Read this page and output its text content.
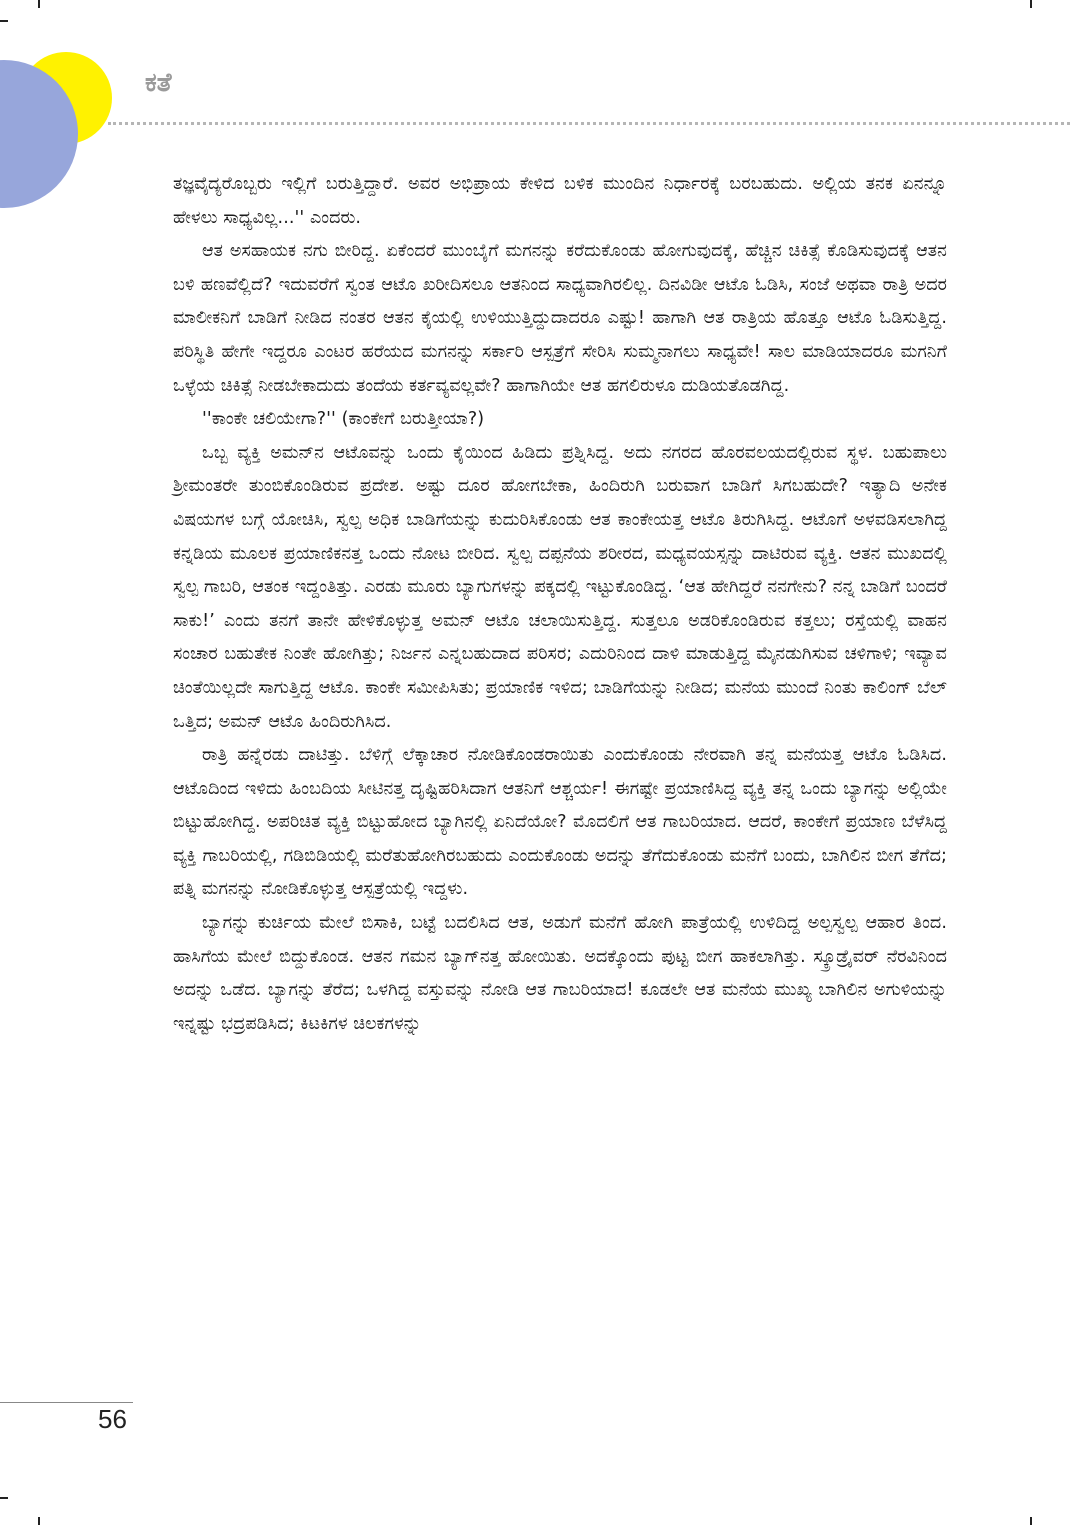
ಕತೆ

ತಜ್ಞವೈದ್ಯರೊಬ್ಬರು ಇಲ್ಲಿಗೆ ಬರುತ್ತಿದ್ದಾರೆ. ಅವರ ಅಭಿಪ್ರಾಯ ಕೇಳಿದ ಬಳಿಕ ಮುಂದಿನ ನಿರ್ಧಾರಕ್ಕೆ ಬರಬಹುದು. ಅಲ್ಲಿಯ ತನಕ ಏನನ್ನೂ ಹೇಳಲು ಸಾಧ್ಯವಿಲ್ಲ...'' ಎಂದರು.

ಆತ ಅಸಹಾಯಕ ನಗು ಬೀರಿದ್ದ. ಏಕೆಂದರೆ ಮುಂಬೈಗೆ ಮಗನನ್ನು ಕರೆದುಕೊಂಡು ಹೋಗುವುದಕ್ಕೆ, ಹೆಚ್ಚಿನ ಚಿಕಿತ್ಸೆ ಕೊಡಿಸುವುದಕ್ಕೆ ಆತನ ಬಳಿ ಹಣವೆಲ್ಲಿದೆ? ಇದುವರೆಗೆ ಸ್ವಂತ ಆಟೊ ಖರೀದಿಸಲೂ ಆತನಿಂದ ಸಾಧ್ಯವಾಗಿರಲಿಲ್ಲ. ದಿನವಿಡೀ ಆಟೊ ಓಡಿಸಿ, ಸಂಜೆ ಅಥವಾ ರಾತ್ರಿ ಅದರ ಮಾಲೀಕನಿಗೆ ಬಾಡಿಗೆ ನೀಡಿದ ನಂತರ ಆತನ ಕೈಯಲ್ಲಿ ಉಳಿಯುತ್ತಿದ್ದುದಾದರೂ ಎಷ್ಟು! ಹಾಗಾಗಿ ಆತ ರಾತ್ರಿಯ ಹೊತ್ತೂ ಆಟೊ ಓಡಿಸುತ್ತಿದ್ದ. ಪರಿಸ್ಥಿತಿ ಹೇಗೇ ಇದ್ದರೂ ಎಂಟರ ಹರೆಯದ ಮಗನನ್ನು ಸರ್ಕಾರಿ ಆಸ್ಪತ್ರೆಗೆ ಸೇರಿಸಿ ಸುಮ್ಮನಾಗಲು ಸಾಧ್ಯವೇ! ಸಾಲ ಮಾಡಿಯಾದರೂ ಮಗನಿಗೆ ಒಳ್ಳೆಯ ಚಿಕಿತ್ಸೆ ನೀಡಬೇಕಾದುದು ತಂದೆಯ ಕರ್ತವ್ಯವಲ್ಲವೇ? ಹಾಗಾಗಿಯೇ ಆತ ಹಗಲಿರುಳೂ ದುಡಿಯತೊಡಗಿದ್ದ.

''ಕಾಂಕೇ ಚಲಿಯೇಗಾ?'' (ಕಾಂಕೇಗೆ ಬರುತ್ತೀಯಾ?)

ಒಬ್ಬ ವ್ಯಕ್ತಿ ಅಮನ್‌ನ ಆಟೊವನ್ನು ಒಂದು ಕೈಯಿಂದ ಹಿಡಿದು ಪ್ರಶ್ನಿಸಿದ್ದ. ಅದು ನಗರದ ಹೊರವಲಯದಲ್ಲಿರುವ ಸ್ಥಳ. ಬಹುಪಾಲು ಶ್ರೀಮಂತರೇ ತುಂಬಿಕೊಂಡಿರುವ ಪ್ರದೇಶ. ಅಷ್ಟು ದೂರ ಹೋಗಬೇಕಾ, ಹಿಂದಿರುಗಿ ಬರುವಾಗ ಬಾಡಿಗೆ ಸಿಗಬಹುದೇ? ಇತ್ಯಾದಿ ಅನೇಕ ವಿಷಯಗಳ ಬಗ್ಗೆ ಯೋಚಿಸಿ, ಸ್ವಲ್ಪ ಅಧಿಕ ಬಾಡಿಗೆಯನ್ನು ಕುದುರಿಸಿಕೊಂಡು ಆತ ಕಾಂಕೇಯತ್ತ ಆಟೊ ತಿರುಗಿಸಿದ್ದ. ಆಟೊಗೆ ಅಳವಡಿಸಲಾಗಿದ್ದ ಕನ್ನಡಿಯ ಮೂಲಕ ಪ್ರಯಾಣಿಕನತ್ತ ಒಂದು ನೋಟ ಬೀರಿದ. ಸ್ವಲ್ಪ ದಪ್ಪನೆಯ ಶರೀರದ, ಮಧ್ಯವಯಸ್ಸನ್ನು ದಾಟಿರುವ ವ್ಯಕ್ತಿ. ಆತನ ಮುಖದಲ್ಲಿ ಸ್ವಲ್ಪ ಗಾಬರಿ, ಆತಂಕ ಇದ್ದಂತಿತ್ತು. ಎರಡು ಮೂರು ಬ್ಯಾಗುಗಳನ್ನು ಪಕ್ಕದಲ್ಲಿ ಇಟ್ಟುಕೊಂಡಿದ್ದ. ‘ಆತ ಹೇಗಿದ್ದರೆ ನನಗೇನು? ನನ್ನ ಬಾಡಿಗೆ ಬಂದರೆ ಸಾಕು!’ ಎಂದು ತನಗೆ ತಾನೇ ಹೇಳಿಕೊಳ್ಳುತ್ತ ಅಮನ್ ಆಟೊ ಚಲಾಯಿಸುತ್ತಿದ್ದ. ಸುತ್ತಲೂ ಅಡರಿಕೊಂಡಿರುವ ಕತ್ತಲು; ರಸ್ತೆಯಲ್ಲಿ ವಾಹನ ಸಂಚಾರ ಬಹುತೇಕ ನಿಂತೇ ಹೋಗಿತ್ತು; ನಿರ್ಜನ ಎನ್ನಬಹುದಾದ ಪರಿಸರ; ಎದುರಿನಿಂದ ದಾಳಿ ಮಾಡುತ್ತಿದ್ದ ಮೈನಡುಗಿಸುವ ಚಳಿಗಾಳಿ; ಇವ್ಯಾವ ಚಿಂತೆಯಿಲ್ಲದೇ ಸಾಗುತ್ತಿದ್ದ ಆಟೊ. ಕಾಂಕೇ ಸಮೀಪಿಸಿತು; ಪ್ರಯಾಣಿಕ ಇಳಿದ; ಬಾಡಿಗೆಯನ್ನು ನೀಡಿದ; ಮನೆಯ ಮುಂದೆ ನಿಂತು ಕಾಲಿಂಗ್ ಬೆಲ್ ಒತ್ತಿದ; ಅಮನ್ ಆಟೊ ಹಿಂದಿರುಗಿಸಿದ.

ರಾತ್ರಿ ಹನ್ನೆರಡು ದಾಟಿತ್ತು. ಬೆಳಿಗ್ಗೆ ಲೆಕ್ಕಾಚಾರ ನೋಡಿಕೊಂಡರಾಯಿತು ಎಂದುಕೊಂಡು ನೇರವಾಗಿ ತನ್ನ ಮನೆಯತ್ತ ಆಟೊ ಓಡಿಸಿದ. ಆಟೊದಿಂದ ಇಳಿದು ಹಿಂಬದಿಯ ಸೀಟಿನತ್ತ ದೃಷ್ಟಿಹರಿಸಿದಾಗ ಆತನಿಗೆ ಆಶ್ಚರ್ಯ! ಈಗಷ್ಟೇ ಪ್ರಯಾಣಿಸಿದ್ದ ವ್ಯಕ್ತಿ ತನ್ನ ಒಂದು ಬ್ಯಾಗನ್ನು ಅಲ್ಲಿಯೇ ಬಿಟ್ಟುಹೋಗಿದ್ದ. ಅಪರಿಚಿತ ವ್ಯಕ್ತಿ ಬಿಟ್ಟುಹೋದ ಬ್ಯಾಗಿನಲ್ಲಿ ಏನಿದೆಯೋ? ಮೊದಲಿಗೆ ಆತ ಗಾಬರಿಯಾದ. ಆದರೆ, ಕಾಂಕೇಗೆ ಪ್ರಯಾಣ ಬೆಳೆಸಿದ್ದ ವ್ಯಕ್ತಿ ಗಾಬರಿಯಲ್ಲಿ, ಗಡಿಬಿಡಿಯಲ್ಲಿ ಮರೆತುಹೋಗಿರಬಹುದು ಎಂದುಕೊಂಡು ಅದನ್ನು ತೆಗೆದುಕೊಂಡು ಮನೆಗೆ ಬಂದು, ಬಾಗಿಲಿನ ಬೀಗ ತೆಗೆದ; ಪತ್ನಿ ಮಗನನ್ನು ನೋಡಿಕೊಳ್ಳುತ್ತ ಆಸ್ಪತ್ರೆಯಲ್ಲಿ ಇದ್ದಳು.

ಬ್ಯಾಗನ್ನು ಕುರ್ಚಿಯ ಮೇಲೆ ಬಿಸಾಕಿ, ಬಟ್ಟೆ ಬದಲಿಸಿದ ಆತ, ಅಡುಗೆ ಮನೆಗೆ ಹೋಗಿ ಪಾತ್ರೆಯಲ್ಲಿ ಉಳಿದಿದ್ದ ಅಲ್ಪಸ್ವಲ್ಪ ಆಹಾರ ತಿಂದ. ಹಾಸಿಗೆಯ ಮೇಲೆ ಬಿದ್ದುಕೊಂಡ. ಆತನ ಗಮನ ಬ್ಯಾಗ್‌ನತ್ತ ಹೋಯಿತು. ಅದಕ್ಕೊಂದು ಪುಟ್ಟ ಬೀಗ ಹಾಕಲಾಗಿತ್ತು. ಸ್ಕ್ರೂಡ್ರೈವರ್ ನೆರವಿನಿಂದ ಅದನ್ನು ಒಡೆದ. ಬ್ಯಾಗನ್ನು ತೆರೆದ; ಒಳಗಿದ್ದ ವಸ್ತುವನ್ನು ನೋಡಿ ಆತ ಗಾಬರಿಯಾದ! ಕೂಡಲೇ ಆತ ಮನೆಯ ಮುಖ್ಯ ಬಾಗಿಲಿನ ಅಗುಳಿಯನ್ನು ಇನ್ನಷ್ಟು ಭದ್ರಪಡಿಸಿದ; ಕಿಟಕಿಗಳ ಚಿಲಕಗಳನ್ನು

56
